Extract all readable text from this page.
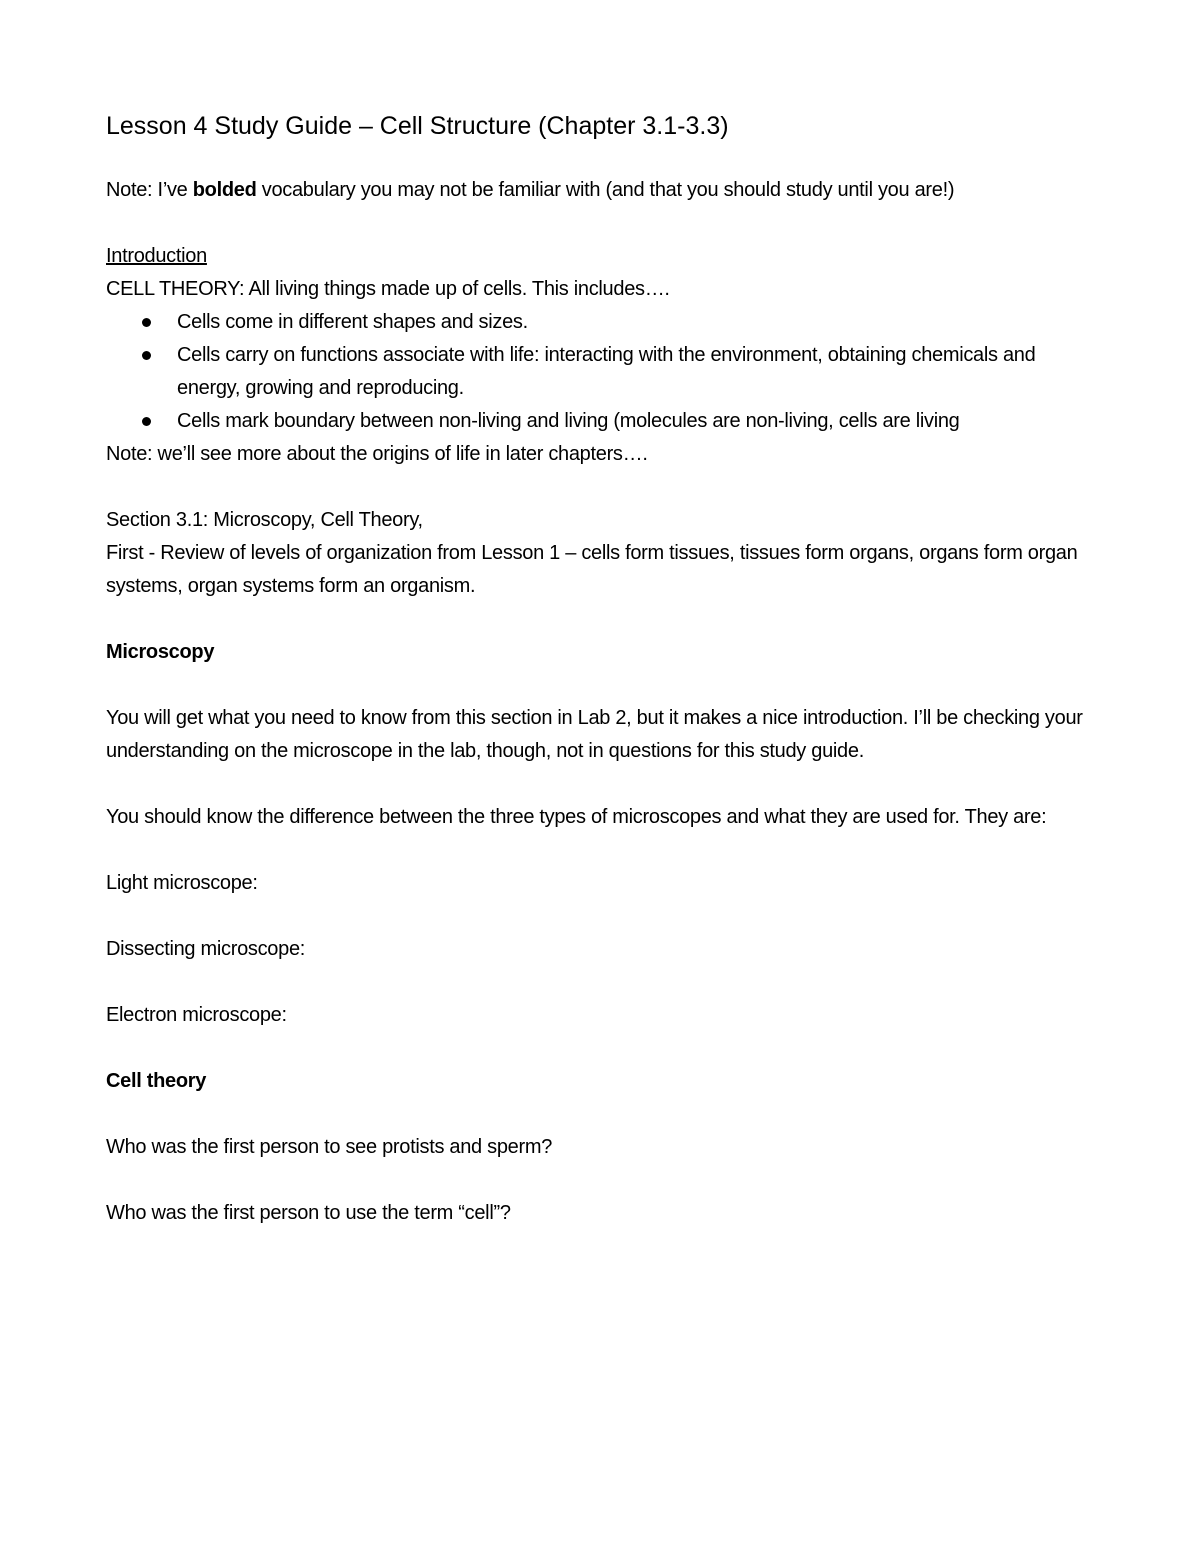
Lesson 4 Study Guide – Cell Structure (Chapter 3.1-3.3)

Note: I’ve bolded vocabulary you may not be familiar with (and that you should study until you are!)

Introduction

CELL THEORY: All living things made up of cells. This includes….

Cells come in different shapes and sizes.
Cells carry on functions associate with life: interacting with the environment, obtaining chemicals and energy, growing and reproducing.
Cells mark boundary between non-living and living (molecules are non-living, cells are living

Note: we’ll see more about the origins of life in later chapters….

Section 3.1: Microscopy, Cell Theory,

First - Review of levels of organization from Lesson 1 – cells form tissues, tissues form organs, organs form organ systems, organ systems form an organism.

Microscopy

You will get what you need to know from this section in Lab 2, but it makes a nice introduction. I’ll be checking your understanding on the microscope in the lab, though, not in questions for this study guide.

You should know the difference between the three types of microscopes and what they are used for. They are:

Light microscope:

Dissecting microscope:

Electron microscope:

Cell theory

Who was the first person to see protists and sperm?

Who was the first person to use the term “cell”?
